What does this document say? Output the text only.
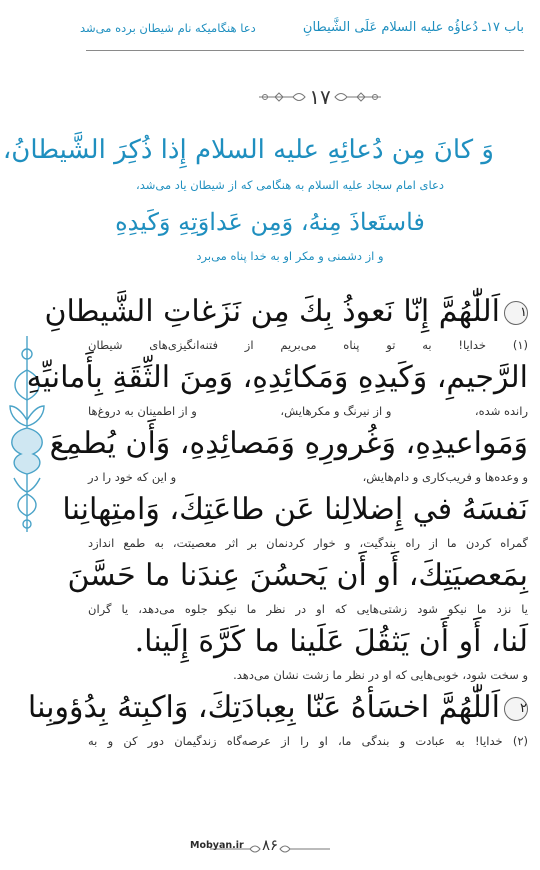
باب ۱۷ـ دُعاؤُه عليه السلام عَلَى الشَّيطانِ
دعا هنگامیکه نام شیطان برده می‌شد
۱۷
وَ كانَ مِن دُعائِهِ عليه السلام إِذا ذُكِرَ الشَّيطانُ،
دعای امام سجاد علیه السلام به هنگامی که از شیطان یاد می‌شد،
فاستَعاذَ مِنهُ، وَمِن عَداوَتِهِ وَكَيدِهِ
و از دشمنی و مکر او به خدا پناه می‌برد
۱اَللّٰهُمَّ إِنّا نَعوذُ بِكَ مِن نَزَغاتِ الشَّيطانِ
(۱) خدایا! به تو پناه می‌بریم از فتنه‌انگیزی‌های شیطان
الرَّجيمِ، وَكَيدِهِ وَمَكائِدِهِ، وَمِنَ الثِّقَةِ بِأَمانيِّهِ
رانده شده،
و از نیرنگ و مکرهایش،
و از اطمینان به دروغ‌ها
وَمَواعيدِهِ، وَغُرورِهِ وَمَصائِدِهِ، وَأَن يُطمِعَ
و وعده‌ها و فریب‌کاری و دام‌هایش،
و این که خود را در
نَفسَهُ في إِضلالِنا عَن طاعَتِكَ، وَامتِهانِنا
گمراه کردن ما از راه بندگیت، و خوار کردنمان بر اثر معصیتت، به طمع اندازد
بِمَعصيَتِكَ، أَو أَن يَحسُنَ عِندَنا ما حَسَّنَ
یا نزد ما نیکو شود زشتی‌هایی که او در نظر ما نیکو جلوه می‌دهد، یا گران
لَنا، أَو أَن يَثقُلَ عَلَينا ما كَرَّهَ إِلَينا.
و سخت شود، خوبی‌هایی که او در نظر ما زشت نشان می‌دهد.
۲اَللّٰهُمَّ اخسَأهُ عَنّا بِعِبادَتِكَ، وَاكبِتهُ بِدُؤوبِنا
(۲) خدایا! به عبادت و بندگی ما، او را از عرصه‌گاه زندگیمان دور کن و به
۸۶
Mobyan.ir
